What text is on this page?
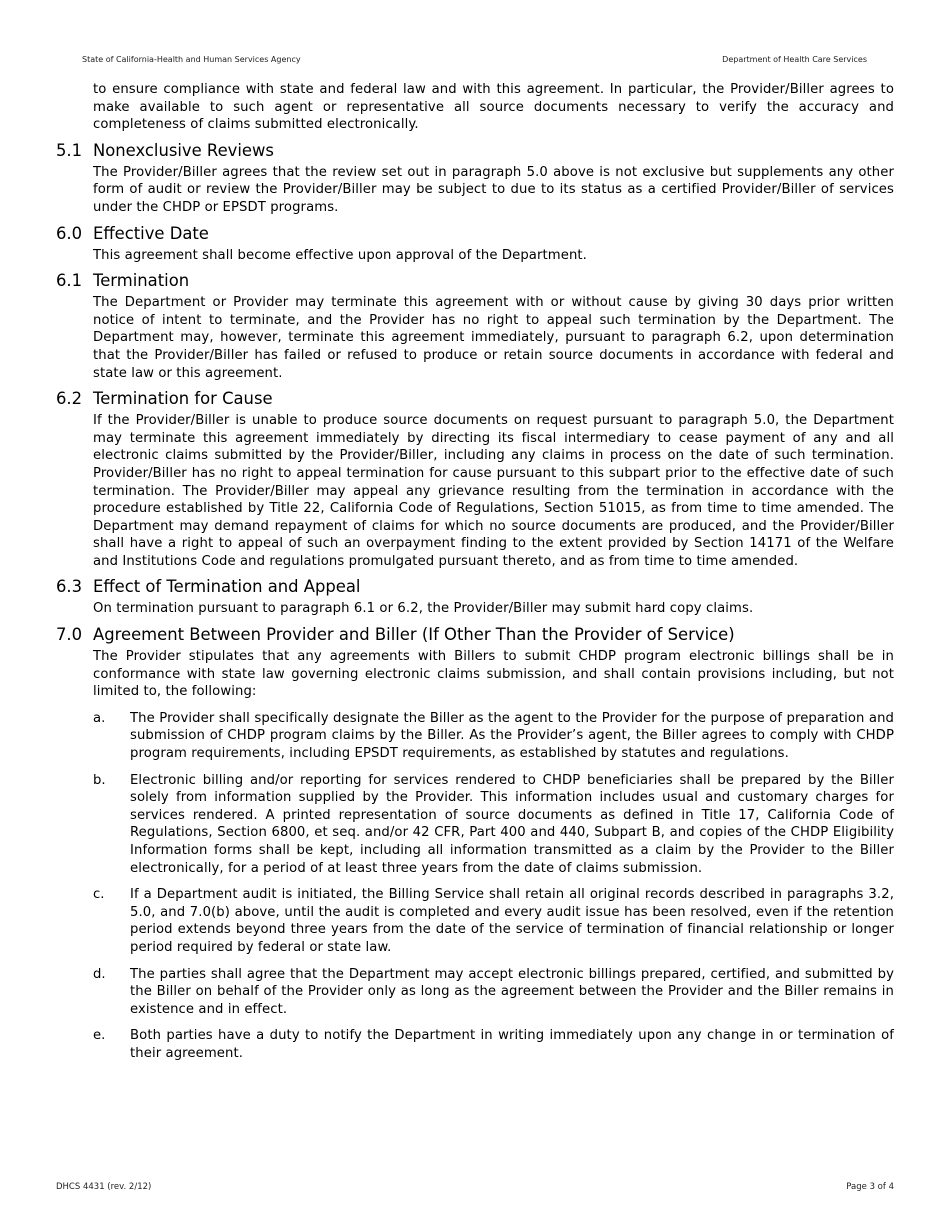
State of California-Health and Human Services Agency	Department of Health Care Services

to ensure compliance with state and federal law and with this agreement. In particular, the Provider/Biller agrees to make available to such agent or representative all source documents necessary to verify the accuracy and completeness of claims submitted electronically.

5.1 Nonexclusive Reviews

The Provider/Biller agrees that the review set out in paragraph 5.0 above is not exclusive but supplements any other form of audit or review the Provider/Biller may be subject to due to its status as a certified Provider/Biller of services under the CHDP or EPSDT programs.

6.0 Effective Date

This agreement shall become effective upon approval of the Department.

6.1 Termination

The Department or Provider may terminate this agreement with or without cause by giving 30 days prior written notice of intent to terminate, and the Provider has no right to appeal such termination by the Department. The Department may, however, terminate this agreement immediately, pursuant to paragraph 6.2, upon determination that the Provider/Biller has failed or refused to produce or retain source documents in accordance with federal and state law or this agreement.

6.2 Termination for Cause

If the Provider/Biller is unable to produce source documents on request pursuant to paragraph 5.0, the Department may terminate this agreement immediately by directing its fiscal intermediary to cease payment of any and all electronic claims submitted by the Provider/Biller, including any claims in process on the date of such termination. Provider/Biller has no right to appeal termination for cause pursuant to this subpart prior to the effective date of such termination. The Provider/Biller may appeal any grievance resulting from the termination in accordance with the procedure established by Title 22, California Code of Regulations, Section 51015, as from time to time amended. The Department may demand repayment of claims for which no source documents are produced, and the Provider/Biller shall have a right to appeal of such an overpayment finding to the extent provided by Section 14171 of the Welfare and Institutions Code and regulations promulgated pursuant thereto, and as from time to time amended.

6.3 Effect of Termination and Appeal

On termination pursuant to paragraph 6.1 or 6.2, the Provider/Biller may submit hard copy claims.

7.0 Agreement Between Provider and Biller (If Other Than the Provider of Service)

The Provider stipulates that any agreements with Billers to submit CHDP program electronic billings shall be in conformance with state law governing electronic claims submission, and shall contain provisions including, but not limited to, the following:

a.	The Provider shall specifically designate the Biller as the agent to the Provider for the purpose of preparation and submission of CHDP program claims by the Biller. As the Provider’s agent, the Biller agrees to comply with CHDP program requirements, including EPSDT requirements, as established by statutes and regulations.
b.	Electronic billing and/or reporting for services rendered to CHDP beneficiaries shall be prepared by the Biller solely from information supplied by the Provider. This information includes usual and customary charges for services rendered. A printed representation of source documents as defined in Title 17, California Code of Regulations, Section 6800, et seq. and/or 42 CFR, Part 400 and 440, Subpart B, and copies of the CHDP Eligibility Information forms shall be kept, including all information transmitted as a claim by the Provider to the Biller electronically, for a period of at least three years from the date of claims submission.
c.	If a Department audit is initiated, the Billing Service shall retain all original records described in paragraphs 3.2, 5.0, and 7.0(b) above, until the audit is completed and every audit issue has been resolved, even if the retention period extends beyond three years from the date of the service of termination of financial relationship or longer period required by federal or state law.
d.	The parties shall agree that the Department may accept electronic billings prepared, certified, and submitted by the Biller on behalf of the Provider only as long as the agreement between the Provider and the Biller remains in existence and in effect.
e.	Both parties have a duty to notify the Department in writing immediately upon any change in or termination of their agreement.
DHCS 4431 (rev. 2/12)	Page 3 of 4
